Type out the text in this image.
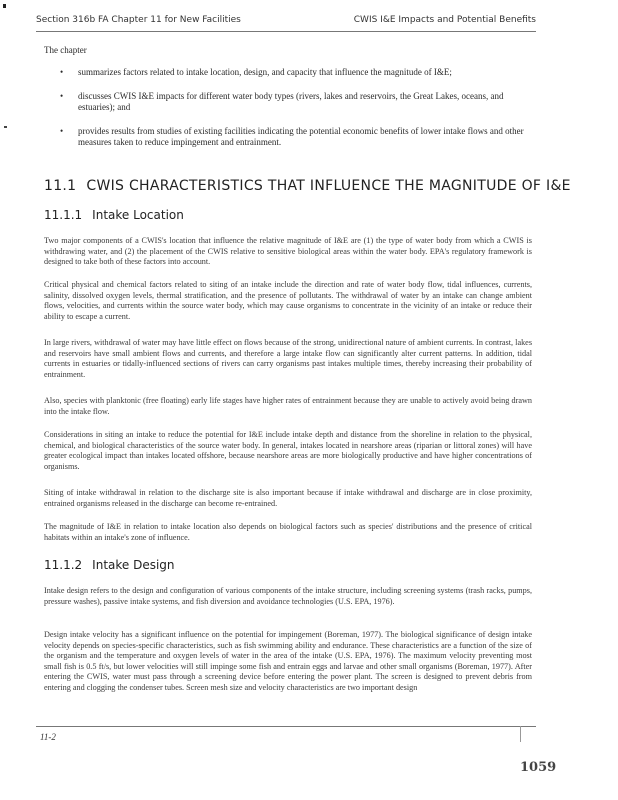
Section 316b FA Chapter 11 for New Facilities	CWIS I&E Impacts and Potential Benefits
The chapter
• summarizes factors related to intake location, design, and capacity that influence the magnitude of I&E;
• discusses CWIS I&E impacts for different water body types (rivers, lakes and reservoirs, the Great Lakes, oceans, and estuaries); and
• provides results from studies of existing facilities indicating the potential economic benefits of lower intake flows and other measures taken to reduce impingement and entrainment.
11.1 CWIS CHARACTERISTICS THAT INFLUENCE THE MAGNITUDE OF I&E
11.1.1 Intake Location
Two major components of a CWIS's location that influence the relative magnitude of I&E are (1) the type of water body from which a CWIS is withdrawing water, and (2) the placement of the CWIS relative to sensitive biological areas within the water body. EPA's regulatory framework is designed to take both of these factors into account.
Critical physical and chemical factors related to siting of an intake include the direction and rate of water body flow, tidal influences, currents, salinity, dissolved oxygen levels, thermal stratification, and the presence of pollutants. The withdrawal of water by an intake can change ambient flows, velocities, and currents within the source water body, which may cause organisms to concentrate in the vicinity of an intake or reduce their ability to escape a current.
In large rivers, withdrawal of water may have little effect on flows because of the strong, unidirectional nature of ambient currents. In contrast, lakes and reservoirs have small ambient flows and currents, and therefore a large intake flow can significantly alter current patterns. In addition, tidal currents in estuaries or tidally-influenced sections of rivers can carry organisms past intakes multiple times, thereby increasing their probability of entrainment.
Also, species with planktonic (free floating) early life stages have higher rates of entrainment because they are unable to actively avoid being drawn into the intake flow.
Considerations in siting an intake to reduce the potential for I&E include intake depth and distance from the shoreline in relation to the physical, chemical, and biological characteristics of the source water body. In general, intakes located in nearshore areas (riparian or littoral zones) will have greater ecological impact than intakes located offshore, because nearshore areas are more biologically productive and have higher concentrations of organisms.
Siting of intake withdrawal in relation to the discharge site is also important because if intake withdrawal and discharge are in close proximity, entrained organisms released in the discharge can become re-entrained.
The magnitude of I&E in relation to intake location also depends on biological factors such as species' distributions and the presence of critical habitats within an intake's zone of influence.
11.1.2 Intake Design
Intake design refers to the design and configuration of various components of the intake structure, including screening systems (trash racks, pumps, pressure washes), passive intake systems, and fish diversion and avoidance technologies (U.S. EPA, 1976).
Design intake velocity has a significant influence on the potential for impingement (Boreman, 1977). The biological significance of design intake velocity depends on species-specific characteristics, such as fish swimming ability and endurance. These characteristics are a function of the size of the organism and the temperature and oxygen levels of water in the area of the intake (U.S. EPA, 1976). The maximum velocity preventing most small fish is 0.5 ft/s, but lower velocities will still impinge some fish and entrain eggs and larvae and other small organisms (Boreman, 1977). After entering the CWIS, water must pass through a screening device before entering the power plant. The screen is designed to prevent debris from entering and clogging the condenser tubes. Screen mesh size and velocity characteristics are two important design
11-2
1059
